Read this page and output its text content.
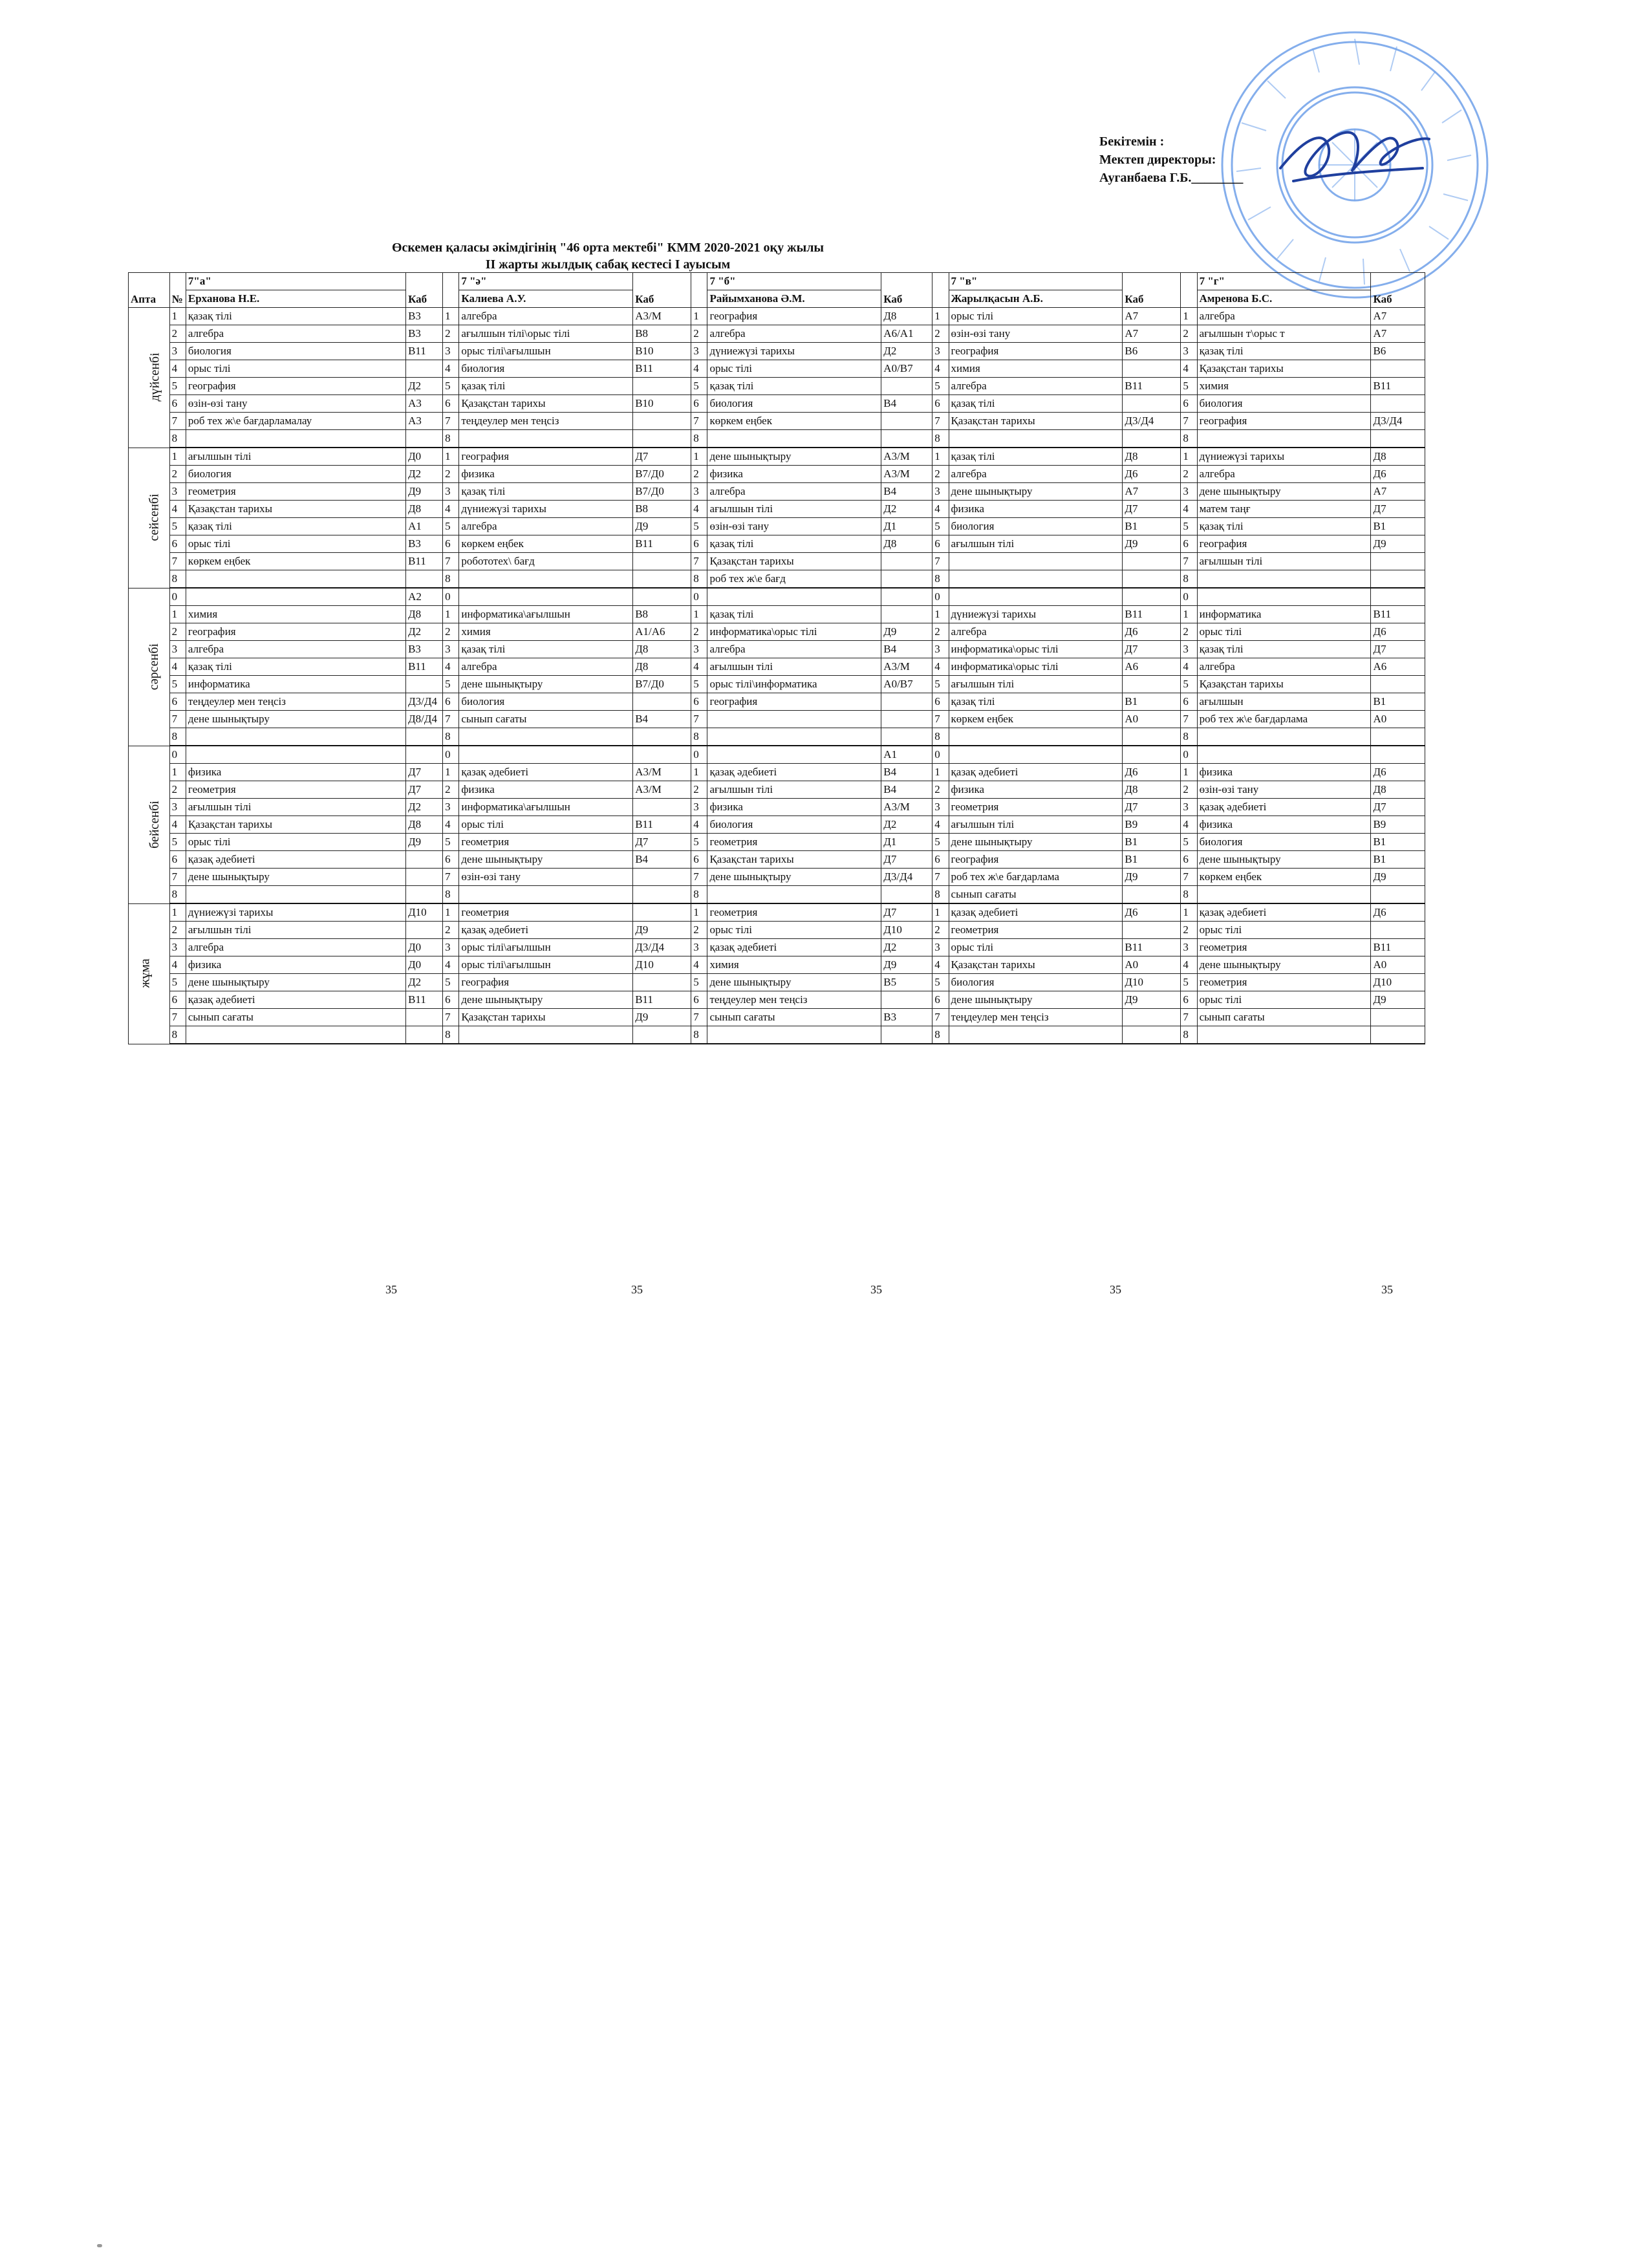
Бекітемін :
Мектеп директоры:
Ауганбаева Г.Б.________
Өскемен қаласы әкімдігінің "46 орта мектебі" КММ 2020-2021 оқу жылы
ІІ жарты жылдық сабақ кестесі І ауысым
Апта	№	7"а"	Каб		7 "ә"	Каб		7 "б"	Каб		7 "в"	Каб		7 "г"	Каб
		Ерханова Н.Е.			Калиева А.У.			Райымханова Ә.М.			Жарылқасын А.Б.			Амренова Б.С.	
дүйсенбі	1	қазақ тілі	В3	1	алгебра	А3/М	1	география	Д8	1	орыс тілі	А7	1	алгебра	А7
	2	алгебра	В3	2	ағылшын тілі\орыс тілі	В8	2	алгебра	А6/А1	2	өзін-өзі тану	А7	2	ағылшын т\орыс т	А7
	3	биология	В11	3	орыс тілі\ағылшын	В10	3	дүниежүзі тарихы	Д2	3	география	В6	3	қазақ тілі	В6
	4	орыс тілі		4	биология	В11	4	орыс тілі	А0/В7	4	химия		4	Қазақстан тарихы	
	5	география	Д2	5	қазақ тілі		5	қазақ тілі		5	алгебра	В11	5	химия	В11
	6	өзін-өзі тану	А3	6	Қазақстан тарихы	В10	6	биология	В4	6	қазақ тілі		6	биология	
	7	роб тех ж\е бағдарламалау	А3	7	теңдеулер мен теңсіз		7	көркем еңбек		7	Қазақстан тарихы	Д3/Д4	7	география	Д3/Д4
	8			8			8			8			8		
сейсенбі	1	ағылшын тілі	Д0	1	география	Д7	1	дене шынықтыру	А3/М	1	қазақ тілі	Д8	1	дүниежүзі тарихы	Д8
	2	биология	Д2	2	физика	В7/Д0	2	физика	А3/М	2	алгебра	Д6	2	алгебра	Д6
	3	геометрия	Д9	3	қазақ тілі	В7/Д0	3	алгебра	В4	3	дене шынықтыру	А7	3	дене шынықтыру	А7
	4	Қазақстан тарихы	Д8	4	дүниежүзі тарихы	В8	4	ағылшын тілі	Д2	4	физика	Д7	4	матем таңғ	Д7
	5	қазақ тілі	А1	5	алгебра	Д9	5	өзін-өзі тану	Д1	5	биология	В1	5	қазақ тілі	В1
	6	орыс тілі	В3	6	көркем еңбек	В11	6	қазақ тілі	Д8	6	ағылшын тілі	Д9	6	география	Д9
	7	көркем еңбек	В11	7	робототех\ бағд		7	Қазақстан тарихы		7			7	ағылшын тілі	
	8			8			8	роб тех ж\е бағд		8			8		
сәрсенбі	0		А2	0			0			0			0		
	1	химия	Д8	1	информатика\ағылшын	В8	1	қазақ тілі		1	дүниежүзі тарихы	В11	1	информатика	В11
	2	география	Д2	2	химия	А1/А6	2	информатика\орыс тілі	Д9	2	алгебра	Д6	2	орыс тілі	Д6
	3	алгебра	В3	3	қазақ тілі	Д8	3	алгебра	В4	3	информатика\орыс тілі	Д7	3	қазақ тілі	Д7
	4	қазақ тілі	В11	4	алгебра	Д8	4	ағылшын тілі	А3/М	4	информатика\орыс тілі	А6	4	алгебра	А6
	5	информатика		5	дене шынықтыру	В7/Д0	5	орыс тілі\информатика	А0/В7	5	ағылшын тілі		5	Қазақстан тарихы	
	6	теңдеулер мен теңсіз	Д3/Д4	6	биология		6	география		6	қазақ тілі	В1	6	ағылшын	В1
	7	дене шынықтыру	Д8/Д4	7	сынып сағаты	В4	7			7	көркем еңбек	А0	7	роб тех ж\е бағдарлама	А0
	8			8			8			8			8		
бейсенбі	0			0			0		А1	0			0		
	1	физика	Д7	1	қазақ әдебиеті	А3/М	1	қазақ әдебиеті	В4	1	қазақ әдебиеті	Д6	1	физика	Д6
	2	геометрия	Д7	2	физика	А3/М	2	ағылшын тілі	В4	2	физика	Д8	2	өзін-өзі тану	Д8
	3	ағылшын тілі	Д2	3	информатика\ағылшын		3	физика	А3/М	3	геометрия	Д7	3	қазақ әдебиеті	Д7
	4	Қазақстан тарихы	Д8	4	орыс тілі	В11	4	биология	Д2	4	ағылшын тілі	В9	4	физика	В9
	5	орыс тілі	Д9	5	геометрия	Д7	5	геометрия	Д1	5	дене шынықтыру	В1	5	биология	В1
	6	қазақ әдебиеті		6	дене шынықтыру	В4	6	Қазақстан тарихы	Д7	6	география	В1	6	дене шынықтыру	В1
	7	дене шынықтыру		7	өзін-өзі тану		7	дене шынықтыру	Д3/Д4	7	роб тех ж\е бағдарлама	Д9	7	көркем еңбек	Д9
	8			8			8			8	сынып сағаты		8		
жұма	1	дүниежүзі тарихы	Д10	1	геометрия		1	геометрия	Д7	1	қазақ әдебиеті	Д6	1	қазақ әдебиеті	Д6
	2	ағылшын тілі		2	қазақ әдебиеті	Д9	2	орыс тілі	Д10	2	геометрия		2	орыс тілі	
	3	алгебра	Д0	3	орыс тілі\ағылшын	Д3/Д4	3	қазақ әдебиеті	Д2	3	орыс тілі	В11	3	геометрия	В11
	4	физика	Д0	4	орыс тілі\ағылшын	Д10	4	химия	Д9	4	Қазақстан тарихы	А0	4	дене шынықтыру	А0
	5	дене шынықтыру	Д2	5	география		5	дене шынықтыру	В5	5	биология	Д10	5	геометрия	Д10
	6	қазақ әдебиеті	В11	6	дене шынықтыру	В11	6	теңдеулер мен теңсіз		6	дене шынықтыру	Д9	6	орыс тілі	Д9
	7	сынып сағаты		7	Қазақстан тарихы	Д9	7	сынып сағаты	В3	7	теңдеулер мен теңсіз		7	сынып сағаты	
	8			8			8			8			8		
35	35	35	35	35
